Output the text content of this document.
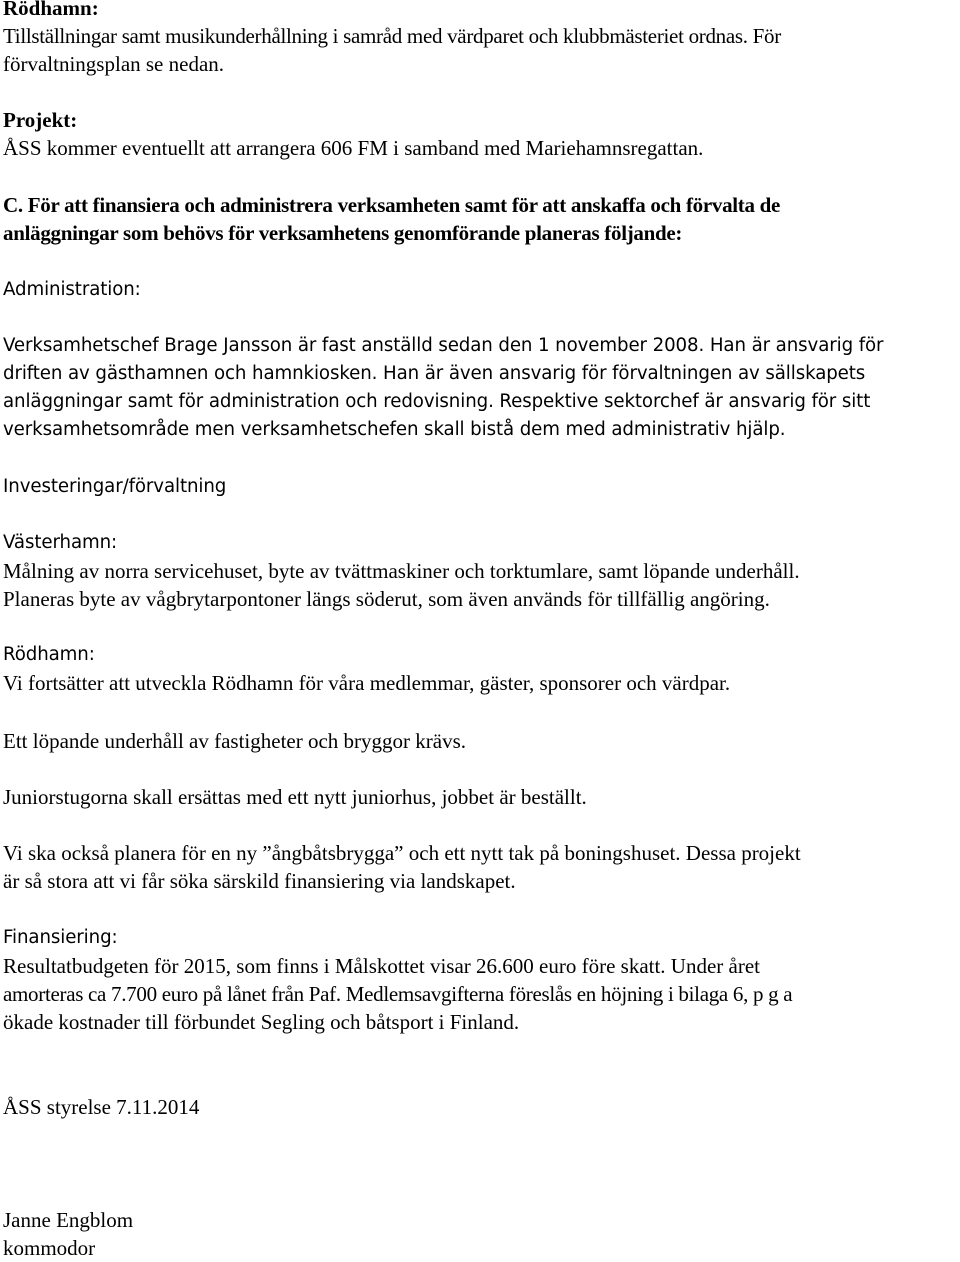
Rödhamn:
Tillställningar samt musikunderhållning i samråd med värdparet och klubbmästeriet ordnas. För
förvaltningsplan se nedan.
Projekt:
ÅSS kommer eventuellt att arrangera 606 FM i samband med Mariehamnsregattan.
C. För att finansiera och administrera verksamheten samt för att anskaffa och förvalta de
anläggningar som behövs för verksamhetens genomförande planeras följande:
Administration:
Verksamhetschef Brage Jansson är fast anställd sedan den 1 november 2008. Han är ansvarig för
driften av gästhamnen och hamnkiosken. Han är även ansvarig för förvaltningen av sällskapets
anläggningar samt för administration och redovisning. Respektive sektorchef är ansvarig för sitt
verksamhetsområde men verksamhetschefen skall bistå dem med administrativ hjälp.
Investeringar/förvaltning
Västerhamn:
Målning av norra servicehuset, byte av tvättmaskiner och torktumlare, samt löpande underhåll.
Planeras byte av vågbrytarpontoner längs söderut, som även används för tillfällig angöring.
Rödhamn:
Vi fortsätter att utveckla Rödhamn för våra medlemmar, gäster, sponsorer och värdpar.
Ett löpande underhåll av fastigheter och bryggor krävs.
Juniorstugorna skall ersättas med ett nytt juniorhus, jobbet är beställt.
Vi ska också planera för en ny ”ångbåtsbrygga” och ett nytt tak på boningshuset. Dessa projekt
är så stora att vi får söka särskild finansiering via landskapet.
Finansiering:
Resultatbudgeten för 2015, som finns i Målskottet visar 26.600 euro före skatt. Under året
amorteras ca 7.700 euro på lånet från Paf. Medlemsavgifterna föreslås en höjning i bilaga 6, p g a
ökade kostnader till förbundet Segling och båtsport i Finland.
ÅSS styrelse 7.11.2014
Janne Engblom
kommodor
